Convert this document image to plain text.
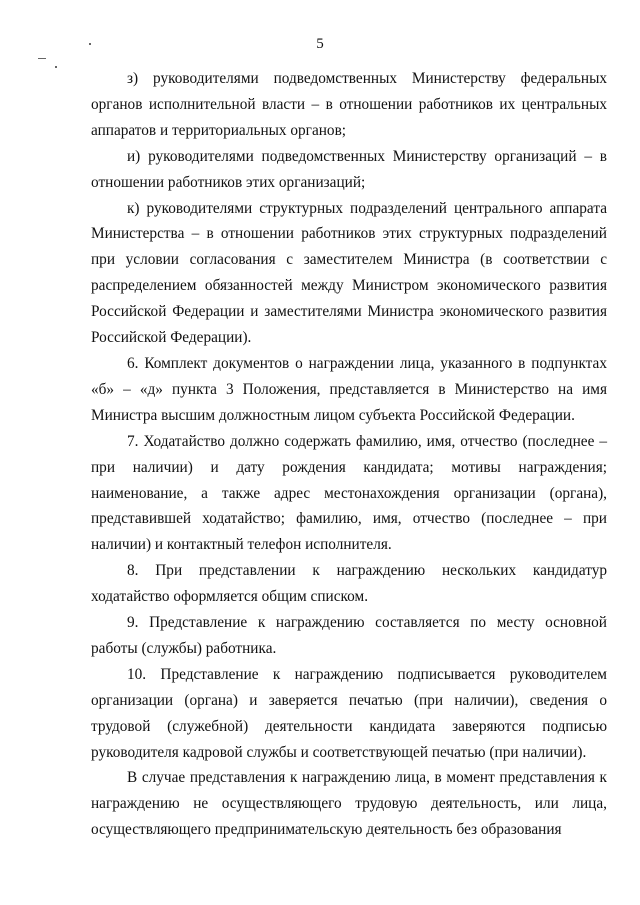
5

з) руководителями подведомственных Министерству федеральных органов исполнительной власти – в отношении работников их центральных аппаратов и территориальных органов;

и) руководителями подведомственных Министерству организаций – в отношении работников этих организаций;

к) руководителями структурных подразделений центрального аппарата Министерства – в отношении работников этих структурных подразделений при условии согласования с заместителем Министра (в соответствии с распределением обязанностей между Министром экономического развития Российской Федерации и заместителями Министра экономического развития Российской Федерации).

6. Комплект документов о награждении лица, указанного в подпунктах «б» – «д» пункта 3 Положения, представляется в Министерство на имя Министра высшим должностным лицом субъекта Российской Федерации.

7. Ходатайство должно содержать фамилию, имя, отчество (последнее – при наличии) и дату рождения кандидата; мотивы награждения; наименование, а также адрес местонахождения организации (органа), представившей ходатайство; фамилию, имя, отчество (последнее – при наличии) и контактный телефон исполнителя.

8. При представлении к награждению нескольких кандидатур ходатайство оформляется общим списком.

9. Представление к награждению составляется по месту основной работы (службы) работника.

10. Представление к награждению подписывается руководителем организации (органа) и заверяется печатью (при наличии), сведения о трудовой (служебной) деятельности кандидата заверяются подписью руководителя кадровой службы и соответствующей печатью (при наличии).

В случае представления к награждению лица, в момент представления к награждению не осуществляющего трудовую деятельность, или лица, осуществляющего предпринимательскую деятельность без образования
